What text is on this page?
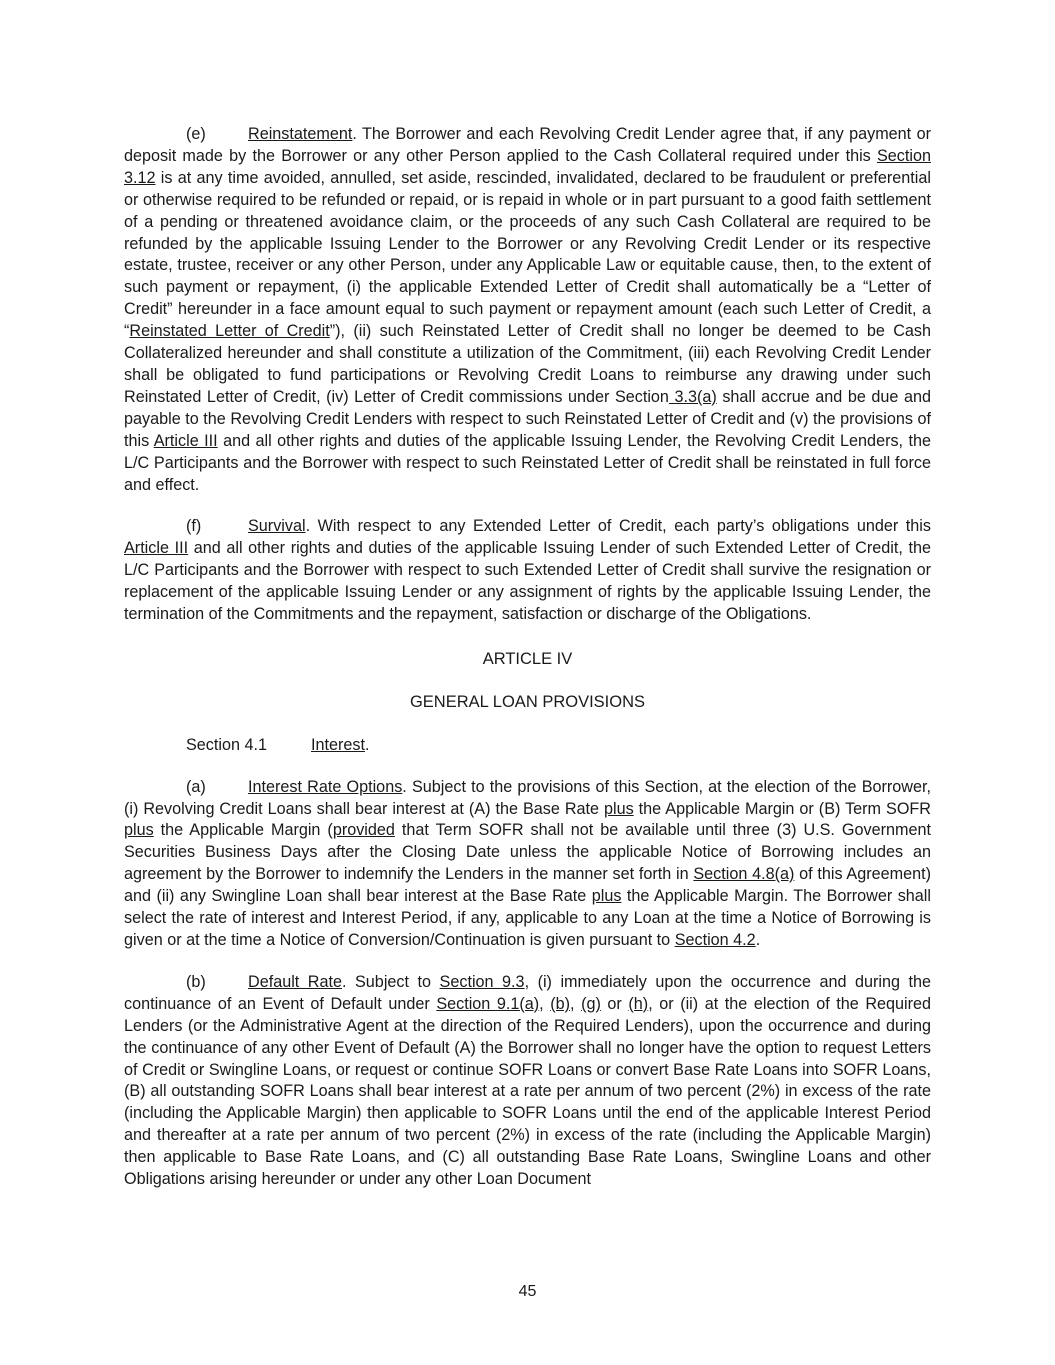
(e)	Reinstatement. The Borrower and each Revolving Credit Lender agree that, if any payment or deposit made by the Borrower or any other Person applied to the Cash Collateral required under this Section 3.12 is at any time avoided, annulled, set aside, rescinded, invalidated, declared to be fraudulent or preferential or otherwise required to be refunded or repaid, or is repaid in whole or in part pursuant to a good faith settlement of a pending or threatened avoidance claim, or the proceeds of any such Cash Collateral are required to be refunded by the applicable Issuing Lender to the Borrower or any Revolving Credit Lender or its respective estate, trustee, receiver or any other Person, under any Applicable Law or equitable cause, then, to the extent of such payment or repayment, (i) the applicable Extended Letter of Credit shall automatically be a “Letter of Credit” hereunder in a face amount equal to such payment or repayment amount (each such Letter of Credit, a “Reinstated Letter of Credit”), (ii) such Reinstated Letter of Credit shall no longer be deemed to be Cash Collateralized hereunder and shall constitute a utilization of the Commitment, (iii) each Revolving Credit Lender shall be obligated to fund participations or Revolving Credit Loans to reimburse any drawing under such Reinstated Letter of Credit, (iv) Letter of Credit commissions under Section 3.3(a) shall accrue and be due and payable to the Revolving Credit Lenders with respect to such Reinstated Letter of Credit and (v) the provisions of this Article III and all other rights and duties of the applicable Issuing Lender, the Revolving Credit Lenders, the L/C Participants and the Borrower with respect to such Reinstated Letter of Credit shall be reinstated in full force and effect.

(f)	Survival. With respect to any Extended Letter of Credit, each party’s obligations under this Article III and all other rights and duties of the applicable Issuing Lender of such Extended Letter of Credit, the L/C Participants and the Borrower with respect to such Extended Letter of Credit shall survive the resignation or replacement of the applicable Issuing Lender or any assignment of rights by the applicable Issuing Lender, the termination of the Commitments and the repayment, satisfaction or discharge of the Obligations.

ARTICLE IV

GENERAL LOAN PROVISIONS

Section 4.1	Interest.

(a)	Interest Rate Options. Subject to the provisions of this Section, at the election of the Borrower, (i) Revolving Credit Loans shall bear interest at (A) the Base Rate plus the Applicable Margin or (B) Term SOFR plus the Applicable Margin (provided that Term SOFR shall not be available until three (3) U.S. Government Securities Business Days after the Closing Date unless the applicable Notice of Borrowing includes an agreement by the Borrower to indemnify the Lenders in the manner set forth in Section 4.8(a) of this Agreement) and (ii) any Swingline Loan shall bear interest at the Base Rate plus the Applicable Margin. The Borrower shall select the rate of interest and Interest Period, if any, applicable to any Loan at the time a Notice of Borrowing is given or at the time a Notice of Conversion/Continuation is given pursuant to Section 4.2.

(b)	Default Rate. Subject to Section 9.3, (i) immediately upon the occurrence and during the continuance of an Event of Default under Section 9.1(a), (b), (g) or (h), or (ii) at the election of the Required Lenders (or the Administrative Agent at the direction of the Required Lenders), upon the occurrence and during the continuance of any other Event of Default (A) the Borrower shall no longer have the option to request Letters of Credit or Swingline Loans, or request or continue SOFR Loans or convert Base Rate Loans into SOFR Loans, (B) all outstanding SOFR Loans shall bear interest at a rate per annum of two percent (2%) in excess of the rate (including the Applicable Margin) then applicable to SOFR Loans until the end of the applicable Interest Period and thereafter at a rate per annum of two percent (2%) in excess of the rate (including the Applicable Margin) then applicable to Base Rate Loans, and (C) all outstanding Base Rate Loans, Swingline Loans and other Obligations arising hereunder or under any other Loan Document

45
